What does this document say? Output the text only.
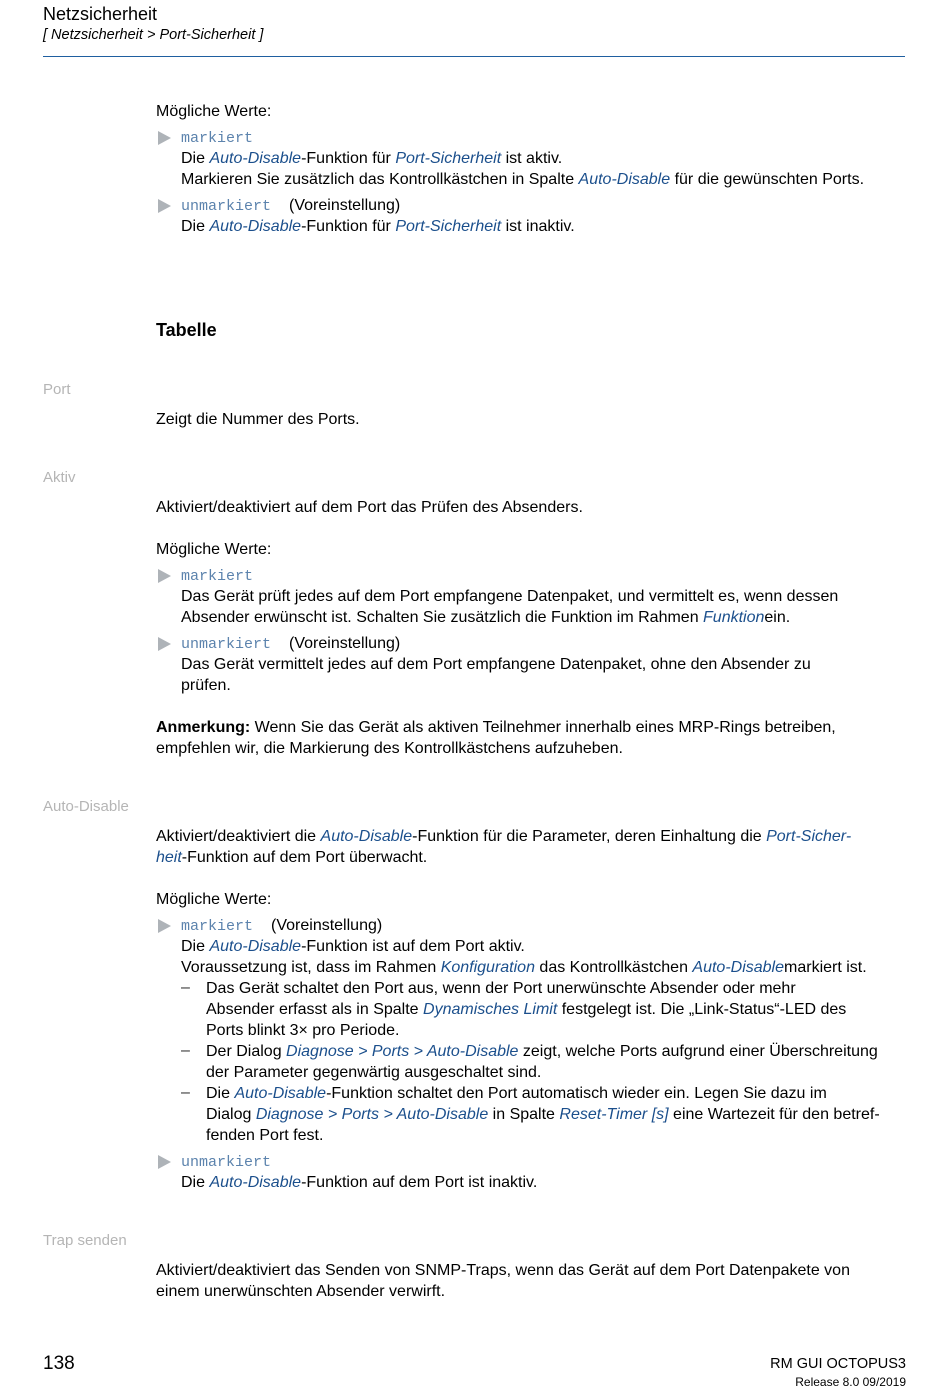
Netzsicherheit
[ Netzsicherheit > Port-Sicherheit ]
Mögliche Werte:
markiert
Die Auto-Disable-Funktion für Port-Sicherheit ist aktiv.
Markieren Sie zusätzlich das Kontrollkästchen in Spalte Auto-Disable für die gewünschten Ports.
unmarkiert (Voreinstellung)
Die Auto-Disable-Funktion für Port-Sicherheit ist inaktiv.
Tabelle
Port
Zeigt die Nummer des Ports.
Aktiv
Aktiviert/deaktiviert auf dem Port das Prüfen des Absenders.
Mögliche Werte:
markiert
Das Gerät prüft jedes auf dem Port empfangene Datenpaket, und vermittelt es, wenn dessen
Absender erwünscht ist. Schalten Sie zusätzlich die Funktion im Rahmen Funktionein.
unmarkiert (Voreinstellung)
Das Gerät vermittelt jedes auf dem Port empfangene Datenpaket, ohne den Absender zu
prüfen.
Anmerkung: Wenn Sie das Gerät als aktiven Teilnehmer innerhalb eines MRP-Rings betreiben,
empfehlen wir, die Markierung des Kontrollkästchens aufzuheben.
Auto-Disable
Aktiviert/deaktiviert die Auto-Disable-Funktion für die Parameter, deren Einhaltung die Port-Sicher-
heit-Funktion auf dem Port überwacht.
Mögliche Werte:
markiert (Voreinstellung)
Die Auto-Disable-Funktion ist auf dem Port aktiv.
Voraussetzung ist, dass im Rahmen Konfiguration das Kontrollkästchen Auto-Disablemarkiert ist.
– Das Gerät schaltet den Port aus, wenn der Port unerwünschte Absender oder mehr
Absender erfasst als in Spalte Dynamisches Limit festgelegt ist. Die „Link-Status“-LED des
Ports blinkt 3× pro Periode.
– Der Dialog Diagnose > Ports > Auto-Disable zeigt, welche Ports aufgrund einer Überschreitung
der Parameter gegenwärtig ausgeschaltet sind.
– Die Auto-Disable-Funktion schaltet den Port automatisch wieder ein. Legen Sie dazu im
Dialog Diagnose > Ports > Auto-Disable in Spalte Reset-Timer [s] eine Wartezeit für den betref-
fenden Port fest.
unmarkiert
Die Auto-Disable-Funktion auf dem Port ist inaktiv.
Trap senden
Aktiviert/deaktiviert das Senden von SNMP-Traps, wenn das Gerät auf dem Port Datenpakete von
einem unerwünschten Absender verwirft.
138	RM GUI OCTOPUS3
Release 8.0 09/2019
